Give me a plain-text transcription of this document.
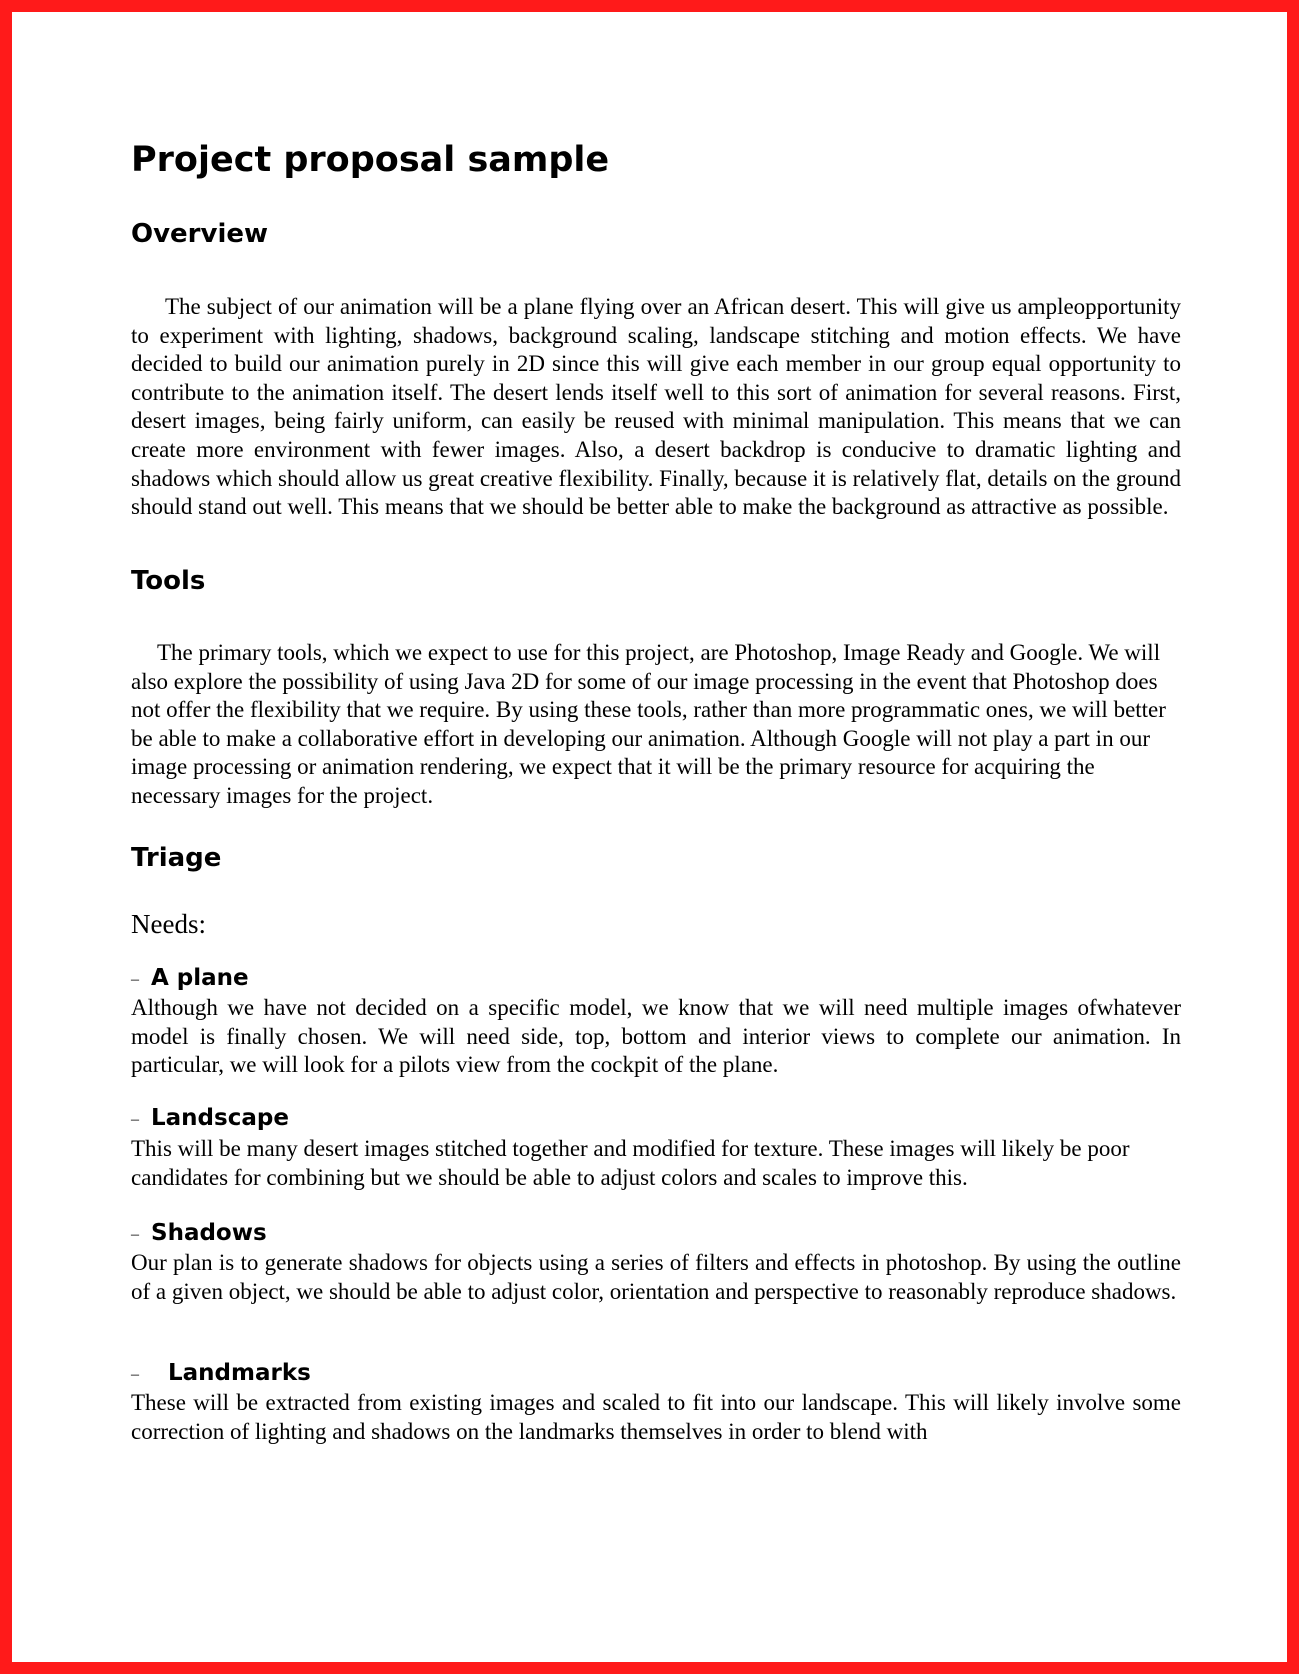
Project proposal sample
Overview

The subject of our animation will be a plane flying over an African desert. This will give us ampleopportunity to experiment with lighting, shadows, background scaling, landscape stitching and motion effects. We have decided to build our animation purely in 2D since this will give each member in our group equal opportunity to contribute to the animation itself. The desert lends itself well to this sort of animation for several reasons. First, desert images, being fairly uniform, can easily be reused with minimal manipulation. This means that we can create more environment with fewer images. Also, a desert backdrop is conducive to dramatic lighting and shadows which should allow us great creative flexibility. Finally, because it is relatively flat, details on the ground should stand out well. This means that we should be better able to make the background as attractive as possible.

Tools

The primary tools, which we expect to use for this project, are Photoshop, Image Ready and Google. We will also explore the possibility of using Java 2D for some of our image processing in the event that Photoshop does not offer the flexibility that we require. By using these tools, rather than more programmatic ones, we will better be able to make a collaborative effort in developing our animation. Although Google will not play a part in our image processing or animation rendering, we expect that it will be the primary resource for acquiring the necessary images for the project.

Triage
Needs:
– A plane

Although we have not decided on a specific model, we know that we will need multiple images ofwhatever model is finally chosen. We will need side, top, bottom and interior views to complete our animation. In particular, we will look for a pilots view from the cockpit of the plane.

– Landscape

This will be many desert images stitched together and modified for texture. These images will likely be poor candidates for combining but we should be able to adjust colors and scales to improve this.

– Shadows

Our plan is to generate shadows for objects using a series of filters and effects in photoshop. By using the outline of a given object, we should be able to adjust color, orientation and perspective to reasonably reproduce shadows.

– Landmarks

These will be extracted from existing images and scaled to fit into our landscape. This will likely involve some correction of lighting and shadows on the landmarks themselves in order to blend with
